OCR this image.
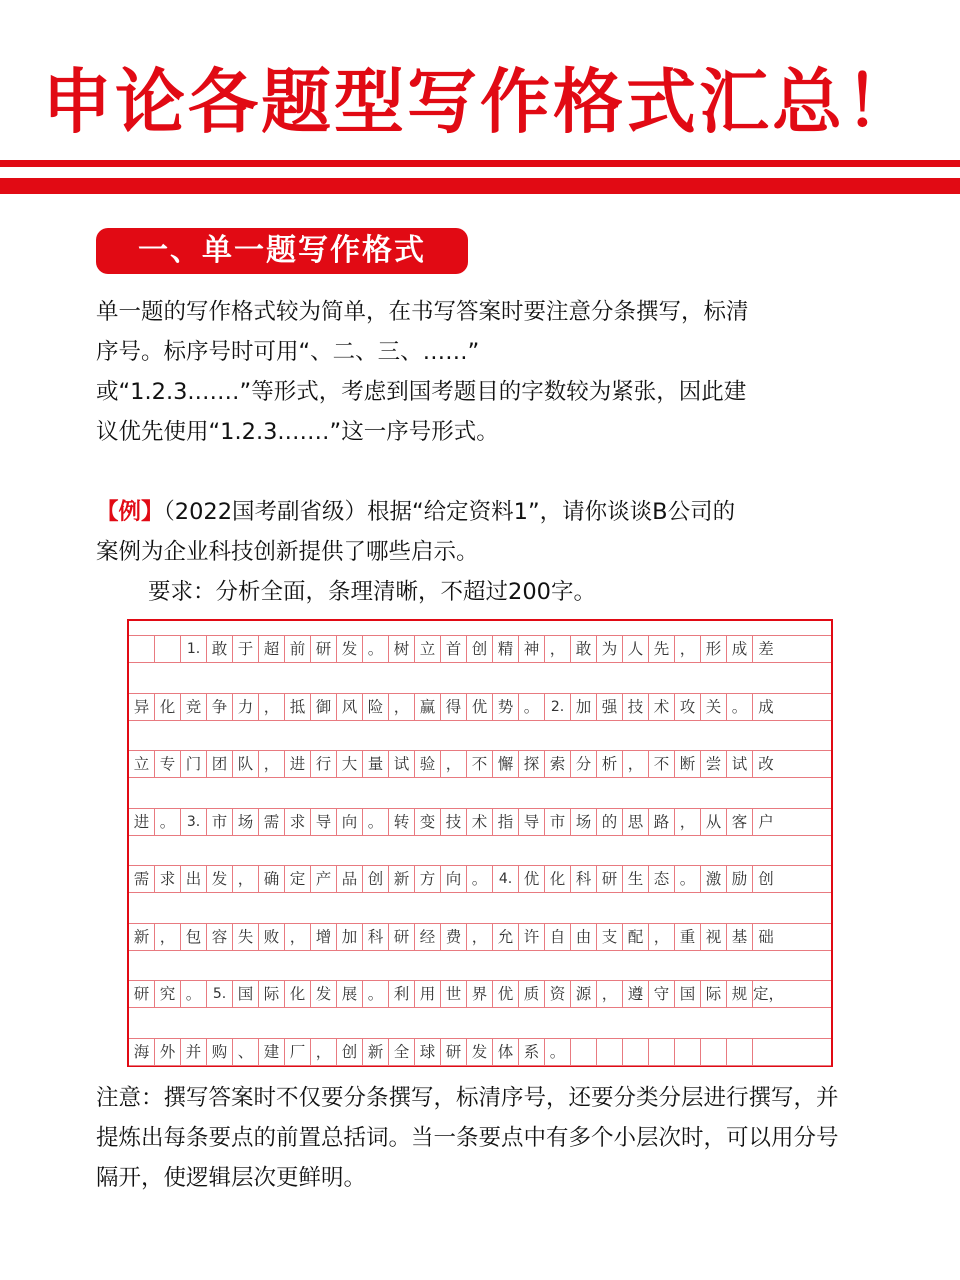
申论各题型写作格式汇总！
一、单一题写作格式
单一题的写作格式较为简单，在书写答案时要注意分条撰写，标清
序号。标序号时可用“、二、三、……”
或“1.2.3.……”等形式，考虑到国考题目的字数较为紧张，因此建
议优先使用“1.2.3.……”这一序号形式。
【例】（2022国考副省级）根据“给定资料1”，请你谈谈B公司的
案例为企业科技创新提供了哪些启示。
要求：分析全面，条理清晰，不超过200字。
1. 敢 于 超 前 研 发 。 树 立 首 创 精 神 ， 敢 为 人 先 ， 形 成 差
异 化 竞 争 力 ， 抵 御 风 险 ， 赢 得 优 势 。 2. 加 强 技 术 攻 关 。 成
立 专 门 团 队 ， 进 行 大 量 试 验 ， 不 懈 探 索 分 析 ， 不 断 尝 试 改
进 。 3. 市 场 需 求 导 向 。 转 变 技 术 指 导 市 场 的 思 路 ， 从 客 户
需 求 出 发 ， 确 定 产 品 创 新 方 向 。 4. 优 化 科 研 生 态 。 激 励 创
新 ， 包 容 失 败 ， 增 加 科 研 经 费 ， 允 许 自 由 支 配 ， 重 视 基 础
研 究 。 5. 国 际 化 发 展 。 利 用 世 界 优 质 资 源 ， 遵 守 国 际 规 定，
海 外 并 购 、 建 厂 ， 创 新 全 球 研 发 体 系 。
注意：撰写答案时不仅要分条撰写，标清序号，还要分类分层进行撰写，并
提炼出每条要点的前置总括词。当一条要点中有多个小层次时，可以用分号
隔开，使逻辑层次更鲜明。
